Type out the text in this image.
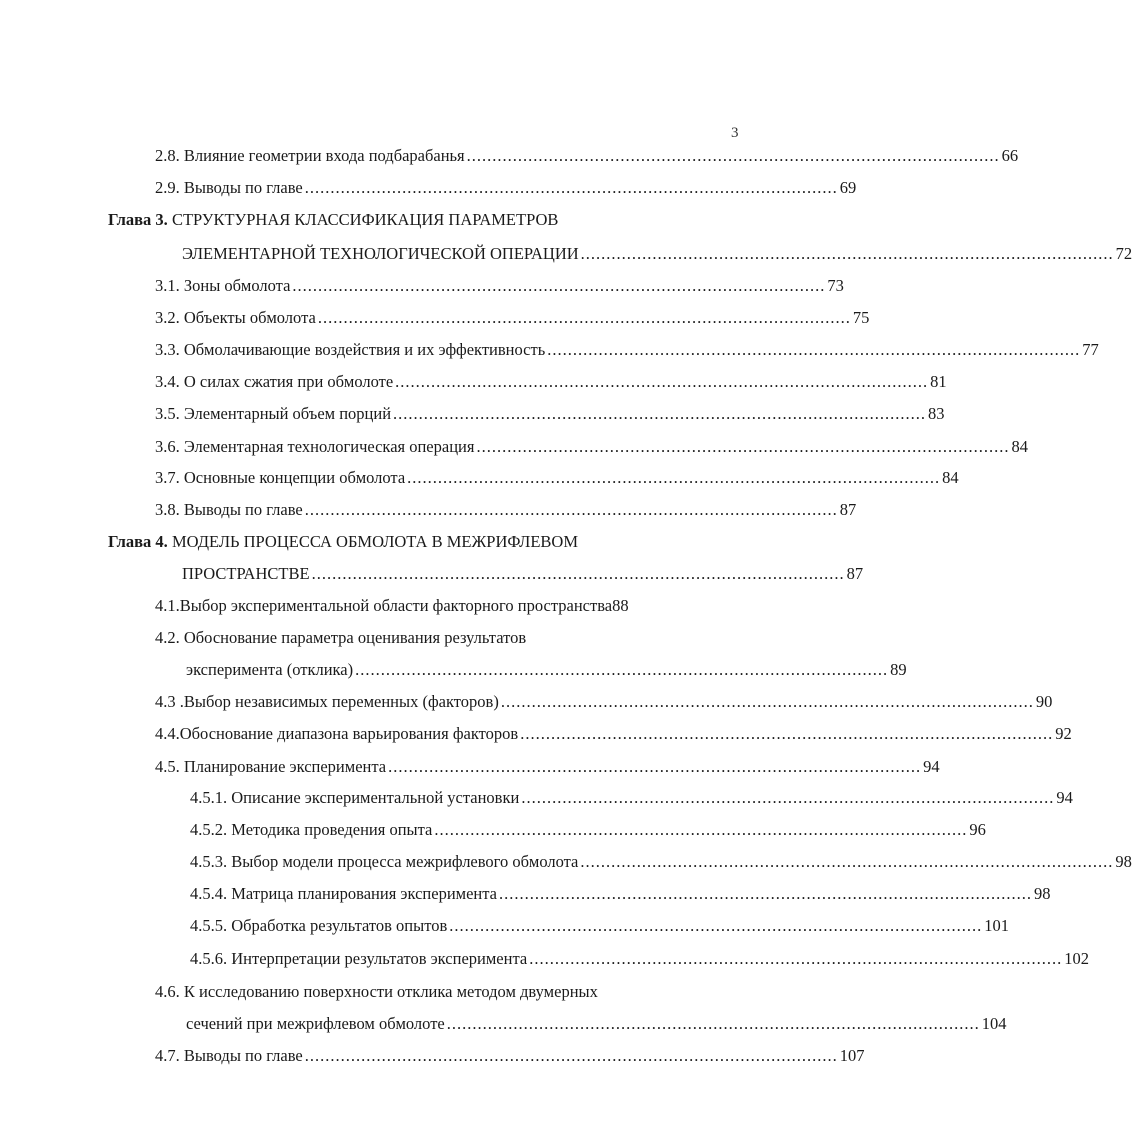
3
2.8. Влияние геометрии входа подбарабанья ........................................................................................................ 66
2.9. Выводы по главе ........................................................................................................ 69
Глава 3. СТРУКТУРНАЯ КЛАССИФИКАЦИЯ ПАРАМЕТРОВ
ЭЛЕМЕНТАРНОЙ ТЕХНОЛОГИЧЕСКОЙ ОПЕРАЦИИ ........................................................................................................ 72
3.1. Зоны обмолота ........................................................................................................ 73
3.2. Объекты обмолота ........................................................................................................ 75
3.3. Обмолачивающие воздействия и их эффективность ........................................................................................................ 77
3.4. О силах сжатия при обмолоте ........................................................................................................ 81
3.5. Элементарный объем порций ........................................................................................................ 83
3.6. Элементарная технологическая операция ........................................................................................................ 84
3.7. Основные концепции обмолота ........................................................................................................ 84
3.8. Выводы по главе ........................................................................................................ 87
Глава 4. МОДЕЛЬ ПРОЦЕССА ОБМОЛОТА В МЕЖРИФЛЕВОМ
ПРОСТРАНСТВЕ ........................................................................................................ 87
4.1.Выбор экспериментальной области факторного пространства 88
4.2. Обоснование параметра оценивания результатов
эксперимента (отклика) ........................................................................................................ 89
4.3 .Выбор независимых переменных (факторов) ........................................................................................................ 90
4.4.Обоснование диапазона варьирования факторов ........................................................................................................ 92
4.5. Планирование эксперимента ........................................................................................................ 94
4.5.1. Описание экспериментальной установки ........................................................................................................ 94
4.5.2. Методика проведения опыта ........................................................................................................ 96
4.5.3. Выбор модели процесса межрифлевого обмолота ........................................................................................................ 98
4.5.4. Матрица планирования эксперимента ........................................................................................................ 98
4.5.5. Обработка результатов опытов ........................................................................................................ 101
4.5.6. Интерпретации результатов эксперимента ........................................................................................................ 102
4.6. К исследованию поверхности отклика методом двумерных
сечений при межрифлевом обмолоте ........................................................................................................ 104
4.7. Выводы по главе ........................................................................................................ 107
